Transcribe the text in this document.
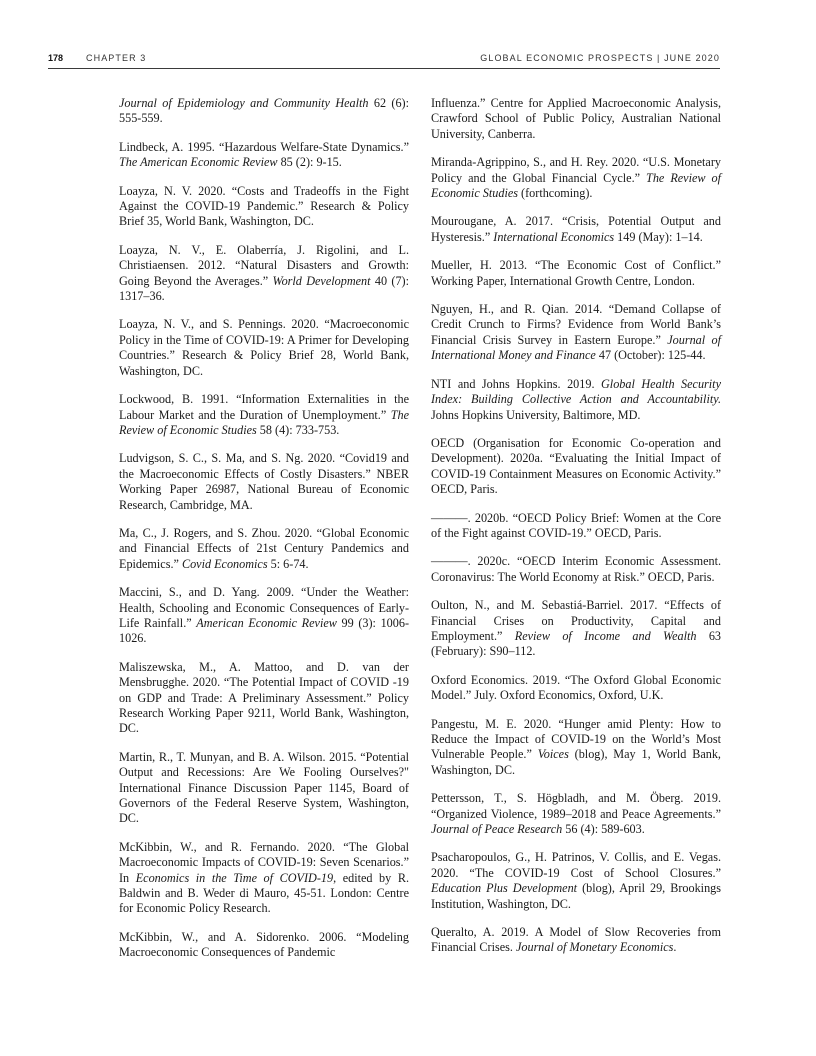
178	CHAPTER 3	GLOBAL ECONOMIC PROSPECTS | JUNE 2020

Journal of Epidemiology and Community Health 62 (6): 555-559.

Lindbeck, A. 1995. “Hazardous Welfare-State Dynamics.” The American Economic Review 85 (2): 9-15.

Loayza, N. V. 2020. “Costs and Tradeoffs in the Fight Against the COVID-19 Pandemic.” Research & Policy Brief 35, World Bank, Washington, DC.

Loayza, N. V., E. Olaberría, J. Rigolini, and L. Christiaensen. 2012. “Natural Disasters and Growth: Going Beyond the Averages.” World Development 40 (7): 1317–36.

Loayza, N. V., and S. Pennings. 2020. “Macroeconomic Policy in the Time of COVID-19: A Primer for Developing Countries.” Research & Policy Brief 28, World Bank, Washington, DC.

Lockwood, B. 1991. “Information Externalities in the Labour Market and the Duration of Unemployment.” The Review of Economic Studies 58 (4): 733-753.

Ludvigson, S. C., S. Ma, and S. Ng. 2020. “Covid19 and the Macroeconomic Effects of Costly Disasters.” NBER Working Paper 26987, National Bureau of Economic Research, Cambridge, MA.

Ma, C., J. Rogers, and S. Zhou. 2020. “Global Economic and Financial Effects of 21st Century Pandemics and Epidemics.” Covid Economics 5: 6-74.

Maccini, S., and D. Yang. 2009. “Under the Weather: Health, Schooling and Economic Consequences of Early-Life Rainfall.” American Economic Review 99 (3): 1006-1026.

Maliszewska, M., A. Mattoo, and D. van der Mensbrugghe. 2020. “The Potential Impact of COVID -19 on GDP and Trade: A Preliminary Assessment.” Policy Research Working Paper 9211, World Bank, Washington, DC.

Martin, R., T. Munyan, and B. A. Wilson. 2015. “Potential Output and Recessions: Are We Fooling Ourselves?" International Finance Discussion Paper 1145, Board of Governors of the Federal Reserve System, Washington, DC.

McKibbin, W., and R. Fernando. 2020. “The Global Macroeconomic Impacts of COVID-19: Seven Scenarios.” In Economics in the Time of COVID-19, edited by R. Baldwin and B. Weder di Mauro, 45-51. London: Centre for Economic Policy Research.

McKibbin, W., and A. Sidorenko. 2006. “Modeling Macroeconomic Consequences of Pandemic

Influenza.” Centre for Applied Macroeconomic Analysis, Crawford School of Public Policy, Australian National University, Canberra.

Miranda-Agrippino, S., and H. Rey. 2020. “U.S. Monetary Policy and the Global Financial Cycle.” The Review of Economic Studies (forthcoming).

Mourougane, A. 2017. “Crisis, Potential Output and Hysteresis.” International Economics 149 (May): 1–14.

Mueller, H. 2013. “The Economic Cost of Conflict.” Working Paper, International Growth Centre, London.

Nguyen, H., and R. Qian. 2014. “Demand Collapse of Credit Crunch to Firms? Evidence from World Bank’s Financial Crisis Survey in Eastern Europe.” Journal of International Money and Finance 47 (October): 125-44.

NTI and Johns Hopkins. 2019. Global Health Security Index: Building Collective Action and Accountability. Johns Hopkins University, Baltimore, MD.

OECD (Organisation for Economic Co-operation and Development). 2020a. “Evaluating the Initial Impact of COVID-19 Containment Measures on Economic Activity.” OECD, Paris.

———. 2020b. “OECD Policy Brief: Women at the Core of the Fight against COVID-19.” OECD, Paris.

———. 2020c. “OECD Interim Economic Assessment. Coronavirus: The World Economy at Risk.” OECD, Paris.

Oulton, N., and M. Sebastiá-Barriel. 2017. “Effects of Financial Crises on Productivity, Capital and Employment.” Review of Income and Wealth 63 (February): S90–112.

Oxford Economics. 2019. “The Oxford Global Economic Model.” July. Oxford Economics, Oxford, U.K.

Pangestu, M. E. 2020. “Hunger amid Plenty: How to Reduce the Impact of COVID-19 on the World’s Most Vulnerable People.” Voices (blog), May 1, World Bank, Washington, DC.

Pettersson, T., S. Högbladh, and M. Öberg. 2019. “Organized Violence, 1989–2018 and Peace Agreements.” Journal of Peace Research 56 (4): 589-603.

Psacharopoulos, G., H. Patrinos, V. Collis, and E. Vegas. 2020. “The COVID-19 Cost of School Closures.” Education Plus Development (blog), April 29, Brookings Institution, Washington, DC.

Queralto, A. 2019. A Model of Slow Recoveries from Financial Crises. Journal of Monetary Economics.
